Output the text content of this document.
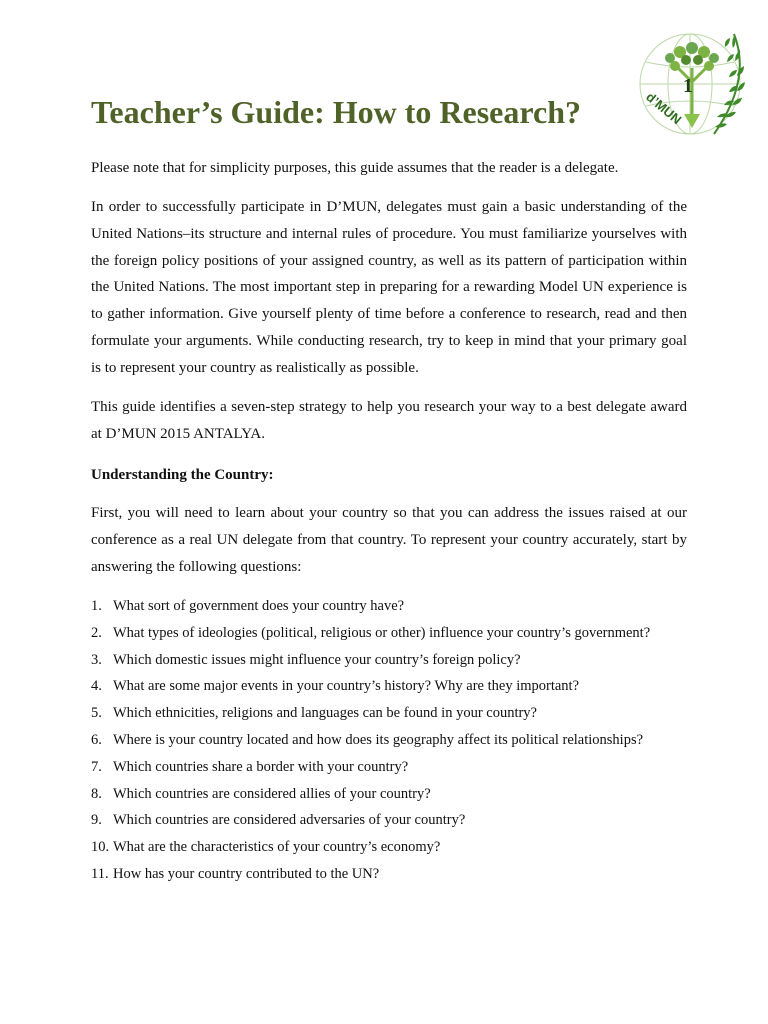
1
d’MUN
Teacher’s Guide: How to Research?

Please note that for simplicity purposes, this guide assumes that the reader is a delegate.

In order to successfully participate in D’MUN, delegates must gain a basic understanding of the United Nations–its structure and internal rules of procedure. You must familiarize yourselves with the foreign policy positions of your assigned country, as well as its pattern of participation within the United Nations. The most important step in preparing for a rewarding Model UN experience is to gather information. Give yourself plenty of time before a conference to research, read and then formulate your arguments. While conducting research, try to keep in mind that your primary goal is to represent your country as realistically as possible.

This guide identifies a seven-step strategy to help you research your way to a best delegate award at D’MUN 2015 ANTALYA.

Understanding the Country:

First, you will need to learn about your country so that you can address the issues raised at our conference as a real UN delegate from that country. To represent your country accurately, start by answering the following questions:

1. What sort of government does your country have?
2. What types of ideologies (political, religious or other) influence your country’s government?
3. Which domestic issues might influence your country’s foreign policy?
4. What are some major events in your country’s history? Why are they important?
5. Which ethnicities, religions and languages can be found in your country?
6. Where is your country located and how does its geography affect its political relationships?
7. Which countries share a border with your country?
8. Which countries are considered allies of your country?
9. Which countries are considered adversaries of your country?
10. What are the characteristics of your country’s economy?
11. How has your country contributed to the UN?
